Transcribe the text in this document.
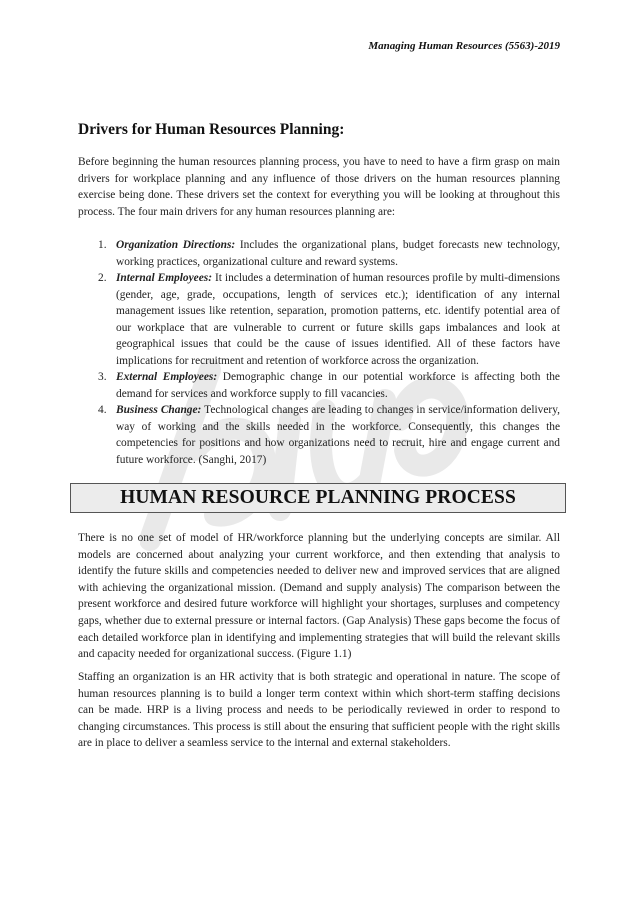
Managing Human Resources (5563)-2019
Drivers for Human Resources Planning:

Before beginning the human resources planning process, you have to need to have a firm grasp on main drivers for workplace planning and any influence of those drivers on the human resources planning exercise being done. These drivers set the context for everything you will be looking at throughout this process. The four main drivers for any human resources planning are:

1. Organization Directions: Includes the organizational plans, budget forecasts new technology, working practices, organizational culture and reward systems.
2. Internal Employees: It includes a determination of human resources profile by multi-dimensions (gender, age, grade, occupations, length of services etc.); identification of any internal management issues like retention, separation, promotion patterns, etc. identify potential area of our workplace that are vulnerable to current or future skills gaps imbalances and look at geographical issues that could be the cause of issues identified. All of these factors have implications for recruitment and retention of workforce across the organization.
3. External Employees: Demographic change in our potential workforce is affecting both the demand for services and workforce supply to fill vacancies.
4. Business Change: Technological changes are leading to changes in service/information delivery, way of working and the skills needed in the workforce. Consequently, this changes the competencies for positions and how organizations need to recruit, hire and engage current and future workforce. (Sanghi, 2017)
HUMAN RESOURCE PLANNING PROCESS

There is no one set of model of HR/workforce planning but the underlying concepts are similar. All models are concerned about analyzing your current workforce, and then extending that analysis to identify the future skills and competencies needed to deliver new and improved services that are aligned with achieving the organizational mission. (Demand and supply analysis) The comparison between the present workforce and desired future workforce will highlight your shortages, surpluses and competency gaps, whether due to external pressure or internal factors. (Gap Analysis) These gaps become the focus of each detailed workforce plan in identifying and implementing strategies that will build the relevant skills and capacity needed for organizational success. (Figure 1.1)

Staffing an organization is an HR activity that is both strategic and operational in nature. The scope of human resources planning is to build a longer term context within which short-term staffing decisions can be made. HRP is a living process and needs to be periodically reviewed in order to respond to changing circumstances. This process is still about the ensuring that sufficient people with the right skills are in place to deliver a seamless service to the internal and external stakeholders.
